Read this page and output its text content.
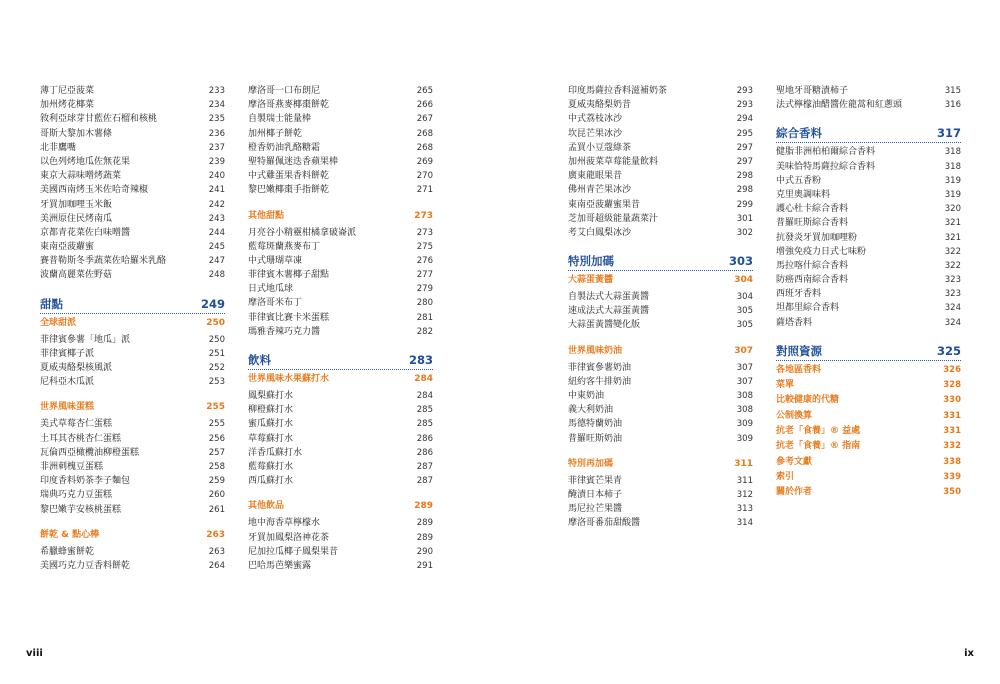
薄丁尼亞菠菜	233
加州烤花椰菜	234
敘利亞球芽甘藍佐石榴和核桃	235
哥斯大黎加木薯條	236
北非鷹嘴	237
以色列烤地瓜佐無花果	239
東京大蒜味噌烤蔬菜	240
美國西南烤玉米佐哈奇辣椒	241
牙買加咖哩玉米飯	242
美洲原住民烤南瓜	243
京都青花菜佐白味噌醬	244
東南亞菠蘿蜜	245
賽普勒斯冬季蔬菜佐哈羅米乳酪	247
波蘭高麗菜佐野菇	248
甜點	249
全球甜派	250
菲律賓參薯「地瓜」派	250
菲律賓椰子派	251
夏威夷酪梨核風派	252
尼科亞木瓜派	253
世界風味蛋糕	255
美式草莓杏仁蛋糕	255
土耳其杏桃杏仁蛋糕	256
瓦倫西亞橄欖油柳橙蛋糕	257
非洲刺槐豆蛋糕	258
印度香料奶茶李子麵包	259
瑞典巧克力豆蛋糕	260
黎巴嫩芋安核桃蛋糕	261
餅乾 & 點心棒	263
希臘蜂蜜餅乾	263
美國巧克力豆香料餅乾	264
摩洛哥一口布朗尼	265
摩洛哥燕麥椰棗餅乾	266
自製瑞士能量棒	267
加州椰子餅乾	268
橙香奶油乳酪糖霜	268
聖特羅佩迷迭香蘋果棒	269
中式雞蛋果香料餅乾	270
黎巴嫩椰棗手指餅乾	271
其他甜點	273
月亮谷小精靈柑橘拿破崙派	273
藍莓斑蘭燕麥布丁	275
中式珊瑚草凍	276
菲律賓木薯椰子甜點	277
日式地瓜球	279
摩洛哥米布丁	280
菲律賓比賽卡米蛋糕	281
瑪雅香辣巧克力醬	282
飲料	283
世界風味水果蘇打水	284
鳳梨蘇打水	284
柳橙蘇打水	285
蜜瓜蘇打水	285
草莓蘇打水	286
洋香瓜蘇打水	286
藍莓蘇打水	287
西瓜蘇打水	287
其他飲品	289
地中海香草檸檬水	289
牙買加鳳梨洛神花茶	289
尼加拉瓜椰子鳳梨果昔	290
巴哈馬芭樂蜜露	291
印度馬薩拉香料滋補奶茶	293
夏威夷酪梨奶昔	293
中式荔枝冰沙	294
坎昆芒果冰沙	295
孟買小豆蔻綠茶	297
加州菠菜草莓能量飲料	297
廣東龍眼果昔	298
佛州青芒果冰沙	298
東南亞菠蘿蜜果昔	299
芝加哥超級能量蔬菜汁	301
考艾白鳳梨冰沙	302
特別加碼	303
大蒜蛋黃醬	304
自製法式大蒜蛋黃醬	304
速成法式大蒜蛋黃醬	305
大蒜蛋黃醬變化版	305
世界風味奶油	307
菲律賓參薯奶油	307
紐約客牛排奶油	307
中東奶油	308
義大利奶油	308
馬德特蘭奶油	309
普羅旺斯奶油	309
特別再加碼	311
菲律賓芒果青	311
醃漬日本柿子	312
馬尼拉芒果醬	313
摩洛哥番茄甜酸醬	314
聖地牙哥糖漬柿子	315
法式檸檬油醋醬佐龍蒿和紅蔥頭	316
綜合香料	317
健脂非洲柏柏爾綜合香料	318
美味恰特馬薩拉綜合香料	318
中式五香粉	319
克里奧調味料	319
護心杜卡綜合香料	320
普羅旺斯綜合香料	321
抗發炎牙買加咖哩粉	321
增強免疫力日式七味粉	322
馬拉喀什綜合香料	322
防癌西南綜合香料	323
西班牙香料	323
坦都里綜合香料	324
薩塔香料	324
對照資源	325
各地區香料	326
菜單	328
比較健康的代糖	330
公制換算	331
抗老「食養」® 益處	331
抗老「食養」® 指南	332
參考文獻	338
索引	339
關於作者	350
viii	ix
